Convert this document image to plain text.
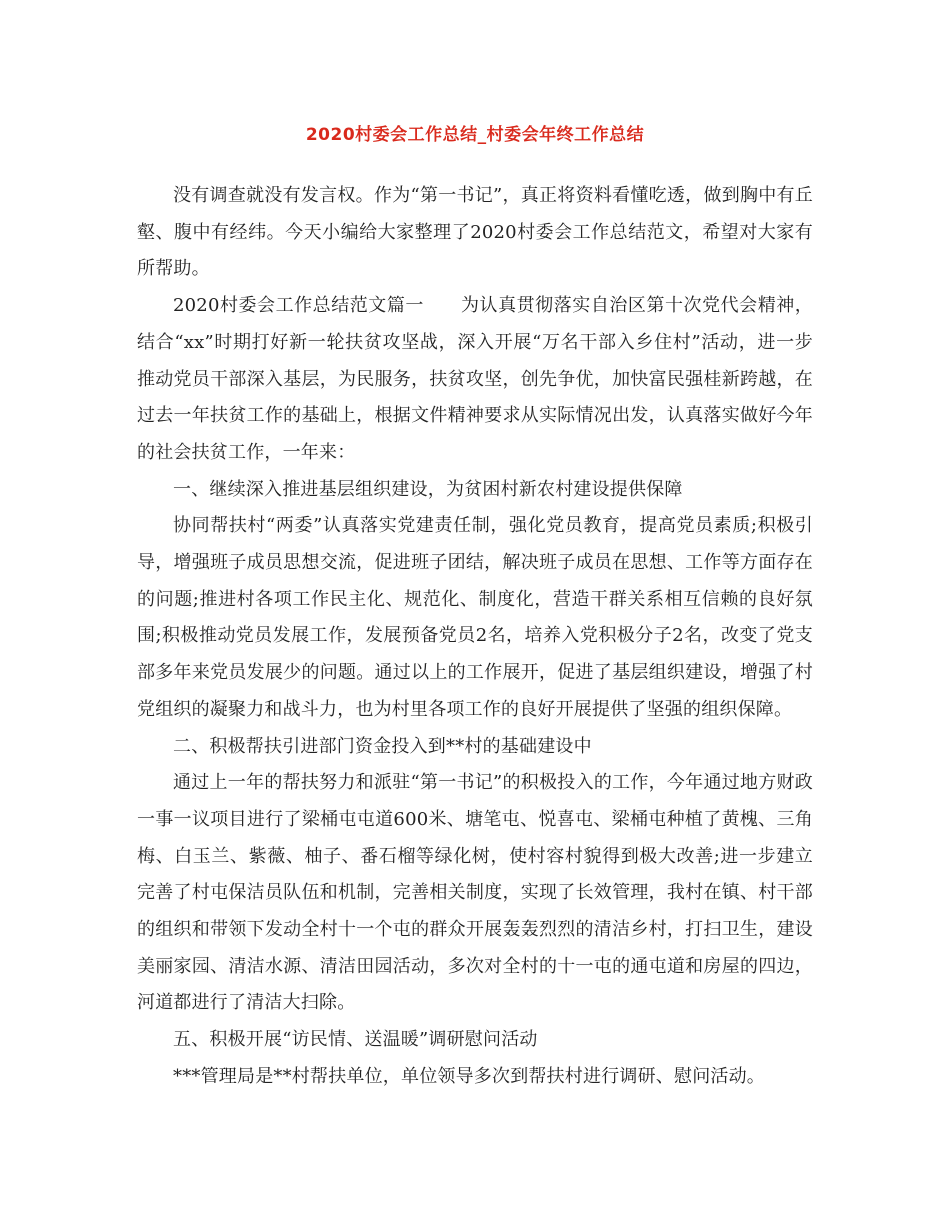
2020村委会工作总结_村委会年终工作总结

没有调查就没有发言权。作为“第一书记”，真正将资料看懂吃透，做到胸中有丘壑、腹中有经纬。今天小编给大家整理了2020村委会工作总结范文，希望对大家有所帮助。

2020村委会工作总结范文篇一　　为认真贯彻落实自治区第十次党代会精神，结合“xx”时期打好新一轮扶贫攻坚战，深入开展“万名干部入乡住村”活动，进一步推动党员干部深入基层，为民服务，扶贫攻坚，创先争优，加快富民强桂新跨越，在过去一年扶贫工作的基础上，根据文件精神要求从实际情况出发，认真落实做好今年的社会扶贫工作，一年来：

一、继续深入推进基层组织建设，为贫困村新农村建设提供保障

协同帮扶村“两委”认真落实党建责任制，强化党员教育，提高党员素质;积极引导，增强班子成员思想交流，促进班子团结，解决班子成员在思想、工作等方面存在的问题;推进村各项工作民主化、规范化、制度化，营造干群关系相互信赖的良好氛围;积极推动党员发展工作，发展预备党员2名，培养入党积极分子2名，改变了党支部多年来党员发展少的问题。通过以上的工作展开，促进了基层组织建设，增强了村党组织的凝聚力和战斗力，也为村里各项工作的良好开展提供了坚强的组织保障。

二、积极帮扶引进部门资金投入到**村的基础建设中

通过上一年的帮扶努力和派驻“第一书记”的积极投入的工作，今年通过地方财政一事一议项目进行了梁桶屯屯道600米、塘笔屯、悦喜屯、梁桶屯种植了黄槐、三角梅、白玉兰、紫薇、柚子、番石榴等绿化树，使村容村貌得到极大改善;进一步建立完善了村屯保洁员队伍和机制，完善相关制度，实现了长效管理，我村在镇、村干部的组织和带领下发动全村十一个屯的群众开展轰轰烈烈的清洁乡村，打扫卫生，建设美丽家园、清洁水源、清洁田园活动，多次对全村的十一屯的通屯道和房屋的四边，河道都进行了清洁大扫除。

五、积极开展“访民情、送温暖”调研慰问活动

***管理局是**村帮扶单位，单位领导多次到帮扶村进行调研、慰问活动。
